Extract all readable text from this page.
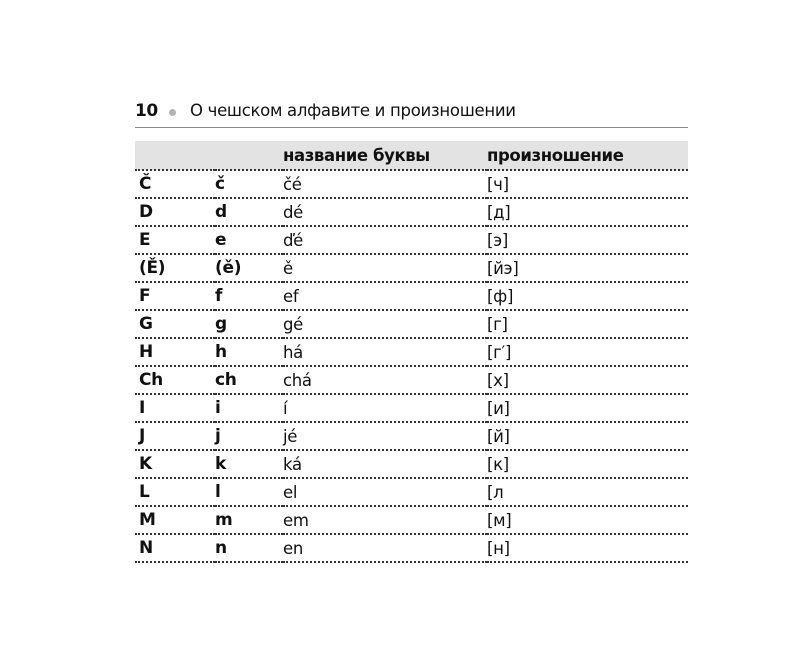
10 О чешском алфавите и произношении
		название буквы	произношение
Č	č	čé	[ч]
D	d	dé	[д]
E	e	ďé	[э]
(Ě)	(ě)	ě	[йэ]
F	f	ef	[ф]
G	g	gé	[г]
H	h	há	[г′]
Ch	ch	chá	[х]
I	i	í	[и]
J	j	jé	[й]
K	k	ká	[к]
L	l	el	[л
M	m	em	[м]
N	n	en	[н]
